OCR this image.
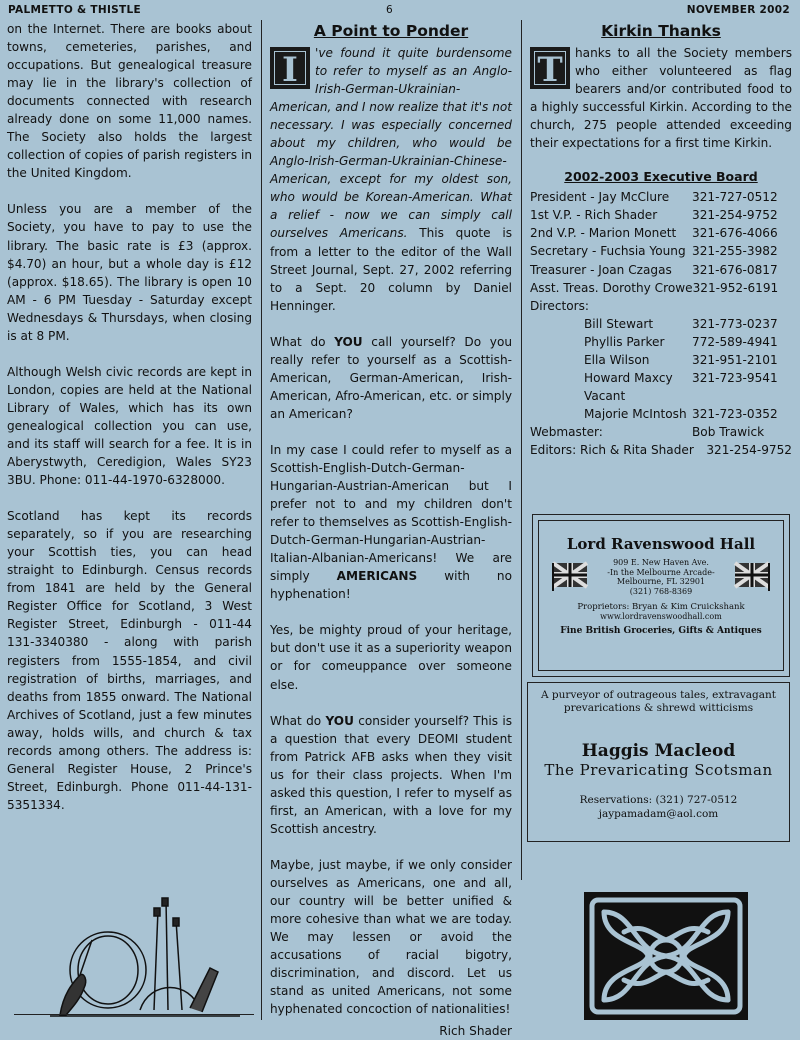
PALMETTO & THISTLE	6	NOVEMBER 2002

on the Internet. There are books about towns, cemeteries, parishes, and occupations. But genealogical treasure may lie in the library's collection of documents connected with research already done on some 11,000 names. The Society also holds the largest collection of copies of parish registers in the United Kingdom.

Unless you are a member of the Society, you have to pay to use the library. The basic rate is £3 (approx. $4.70) an hour, but a whole day is £12 (approx. $18.65). The library is open 10 AM - 6 PM Tuesday - Saturday except Wednesdays & Thursdays, when closing is at 8 PM.

Although Welsh civic records are kept in London, copies are held at the National Library of Wales, which has its own genealogical collection you can use, and its staff will search for a fee. It is in Aberystwyth, Ceredigion, Wales SY23 3BU. Phone: 011-44-1970-6328000.

Scotland has kept its records separately, so if you are researching your Scottish ties, you can head straight to Edinburgh. Census records from 1841 are held by the General Register Office for Scotland, 3 West Register Street, Edinburgh - 011-44 131-3340380 - along with parish registers from 1555-1854, and civil registration of births, marriages, and deaths from 1855 onward. The National Archives of Scotland, just a few minutes away, holds wills, and church & tax records among others. The address is: General Register House, 2 Prince's Street, Edinburgh. Phone 011-44-131-5351334.

A Point to Ponder

I	've found it quite burdensome to refer to myself as an Anglo-Irish-German-Ukrainian-American, and I now realize that it's not necessary. I was especially concerned about my children, who would be Anglo-Irish-German-Ukrainian-Chinese-American, except for my oldest son, who would be Korean-American. What a relief - now we can simply call ourselves Americans. This quote is from a letter to the editor of the Wall Street Journal, Sept. 27, 2002 referring to a Sept. 20 column by Daniel Henninger.

What do YOU call yourself? Do you really refer to yourself as a Scottish-American, German-American, Irish-American, Afro-American, etc. or simply an American?

In my case I could refer to myself as a Scottish-English-Dutch-German-Hungarian-Austrian-American but I prefer not to and my children don't refer to themselves as Scottish-English-Dutch-German-Hungarian-Austrian-Italian-Albanian-Americans! We are simply AMERICANS with no hyphenation!

Yes, be mighty proud of your heritage, but don't use it as a superiority weapon or for comeuppance over someone else.

What do YOU consider yourself? This is a question that every DEOMI student from Patrick AFB asks when they visit us for their class projects. When I'm asked this question, I refer to myself as first, an American, with a love for my Scottish ancestry.

Maybe, just maybe, if we only consider ourselves as Americans, one and all, our country will be better unified & more cohesive than what we are today. We may lessen or avoid the accusations of racial bigotry, discrimination, and discord. Let us stand as united Americans, not some hyphenated concoction of nationalities!

Rich Shader
Kirkin Thanks

T	hanks to all the Society members who either volunteered as flag bearers and/or contributed food to a highly successful Kirkin. According to the church, 275 people attended exceeding their expectations for a first time Kirkin.

2002-2003 Executive Board
President - Jay McClure 321-727-0512
1st V.P. - Rich Shader	321-254-9752
2nd V.P. - Marion Monett 321-676-4066
Secretary - Fuchsia Young 321-255-3982
Treasurer - Joan Czagas 321-676-0817
Asst. Treas. Dorothy Crowe 321-952-6191
Directors:
Bill Stewart	321-773-0237
Phyllis Parker 772-589-4941
Ella Wilson	321-951-2101
Howard Maxcy 321-723-9541
Vacant
Majorie McIntosh 321-723-0352
Webmaster:	Bob Trawick
Editors: Rich & Rita Shader 321-254-9752
Lord Ravenswood Hall
909 E. New Haven Ave.
-In the Melbourne Arcade-
Melbourne, FL 32901
(321) 768-8369
Proprietors: Bryan & Kim Cruickshank
www.lordravenswoodhall.com
Fine British Groceries, Gifts & Antiques
A purveyor of outrageous tales, extravagant prevarications & shrewd witticisms
Haggis Macleod
The Prevaricating Scotsman
Reservations: (321) 727-0512
jaypamadam@aol.com
